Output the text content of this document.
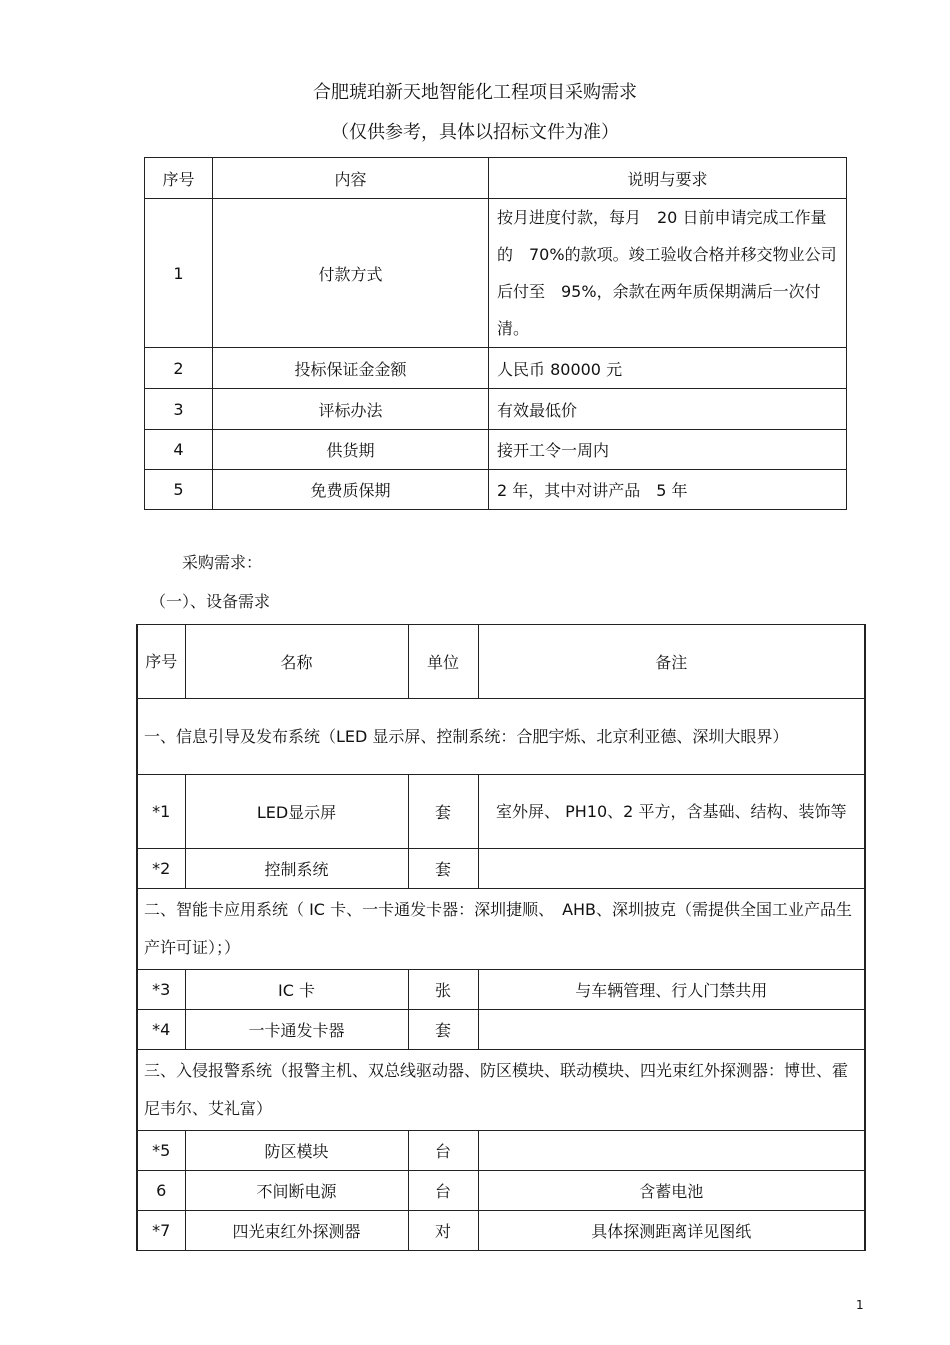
合肥琥珀新天地智能化工程项目采购需求
（仅供参考，具体以招标文件为准）
序号	内容	说明与要求
1	付款方式	按月进度付款，每月　20 日前申请完成工作量的　70%的款项。竣工验收合格并移交物业公司后付至　95%，余款在两年质保期满后一次付清。
2	投标保证金金额	人民币 80000 元
3	评标办法	有效最低价
4	供货期	接开工令一周内
5	免费质保期	2 年，其中对讲产品　5 年
采购需求：
（一）、设备需求
序号	名称	单位	备注
一、信息引导及发布系统（LED 显示屏、控制系统：合肥宇烁、北京利亚德、深圳大眼界）			
*1	LED显示屏	套	室外屏、 PH10、2 平方，含基础、结构、装饰等
*2	控制系统	套	
二、智能卡应用系统（ IC 卡、一卡通发卡器：深圳捷顺、　AHB、深圳披克（需提供全国工业产品生产许可证）；）			
*3	IC 卡	张	与车辆管理、行人门禁共用
*4	一卡通发卡器	套	
三、入侵报警系统（报警主机、双总线驱动器、防区模块、联动模块、四光束红外探测器：博世、霍尼韦尔、艾礼富）			
*5	防区模块	台	
6	不间断电源	台	含蓄电池
*7	四光束红外探测器	对	具体探测距离详见图纸
1
